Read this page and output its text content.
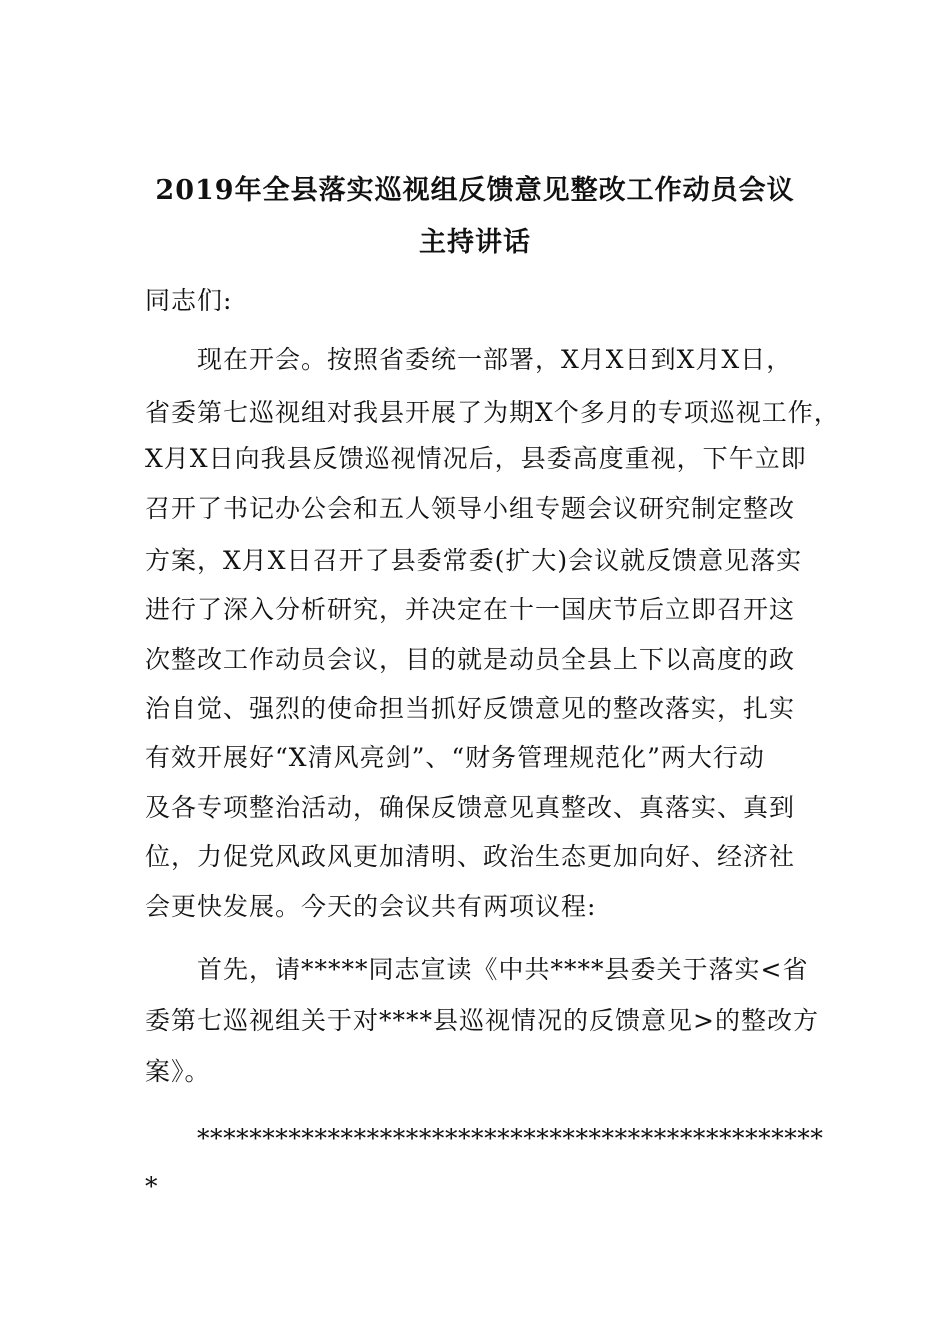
2019年全县落实巡视组反馈意见整改工作动员会议
主持讲话
同志们:
现在开会。按照省委统一部署，X月X日到X月X日，
省委第七巡视组对我县开展了为期X个多月的专项巡视工作，
X月X日向我县反馈巡视情况后，县委高度重视，下午立即
召开了书记办公会和五人领导小组专题会议研究制定整改
方案，X月X日召开了县委常委(扩大)会议就反馈意见落实
进行了深入分析研究，并决定在十一国庆节后立即召开这
次整改工作动员会议，目的就是动员全县上下以高度的政
治自觉、强烈的使命担当抓好反馈意见的整改落实，扎实
有效开展好“X清风亮剑”、“财务管理规范化”两大行动
及各专项整治活动，确保反馈意见真整改、真落实、真到
位，力促党风政风更加清明、政治生态更加向好、经济社
会更快发展。今天的会议共有两项议程:
首先，请*****同志宣读《中共****县委关于落实<省
委第七巡视组关于对****县巡视情况的反馈意见>的整改方
案》。
************************************************
*
